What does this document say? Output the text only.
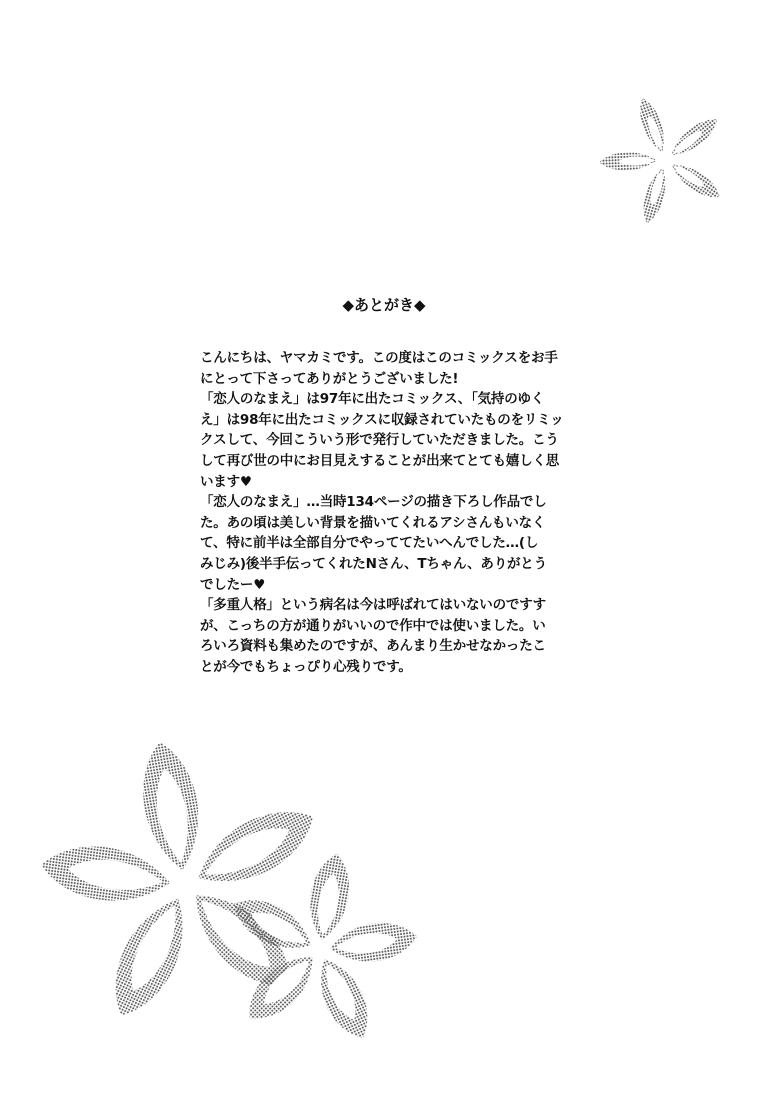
◆あとがき◆
こんにちは、ヤマカミです。この度はこのコミックスをお手
にとって下さってありがとうございました!
「恋人のなまえ」は97年に出たコミックス、「気持のゆく
え」は98年に出たコミックスに収録されていたものをリミッ
クスして、今回こういう形で発行していただきました。こう
して再び世の中にお目見えすることが出来てとても嬉しく思
います♥
「恋人のなまえ」…当時134ページの描き下ろし作品でし
た。あの頃は美しい背景を描いてくれるアシさんもいなく
て、特に前半は全部自分でやっててたいへんでした…(し
みじみ)後半手伝ってくれたNさん、Tちゃん、ありがとう
でしたー♥
「多重人格」という病名は今は呼ばれてはいないのですす
が、こっちの方が通りがいいので作中では使いました。い
ろいろ資料も集めたのですが、あんまり生かせなかったこ
とが今でもちょっぴり心残りです。
